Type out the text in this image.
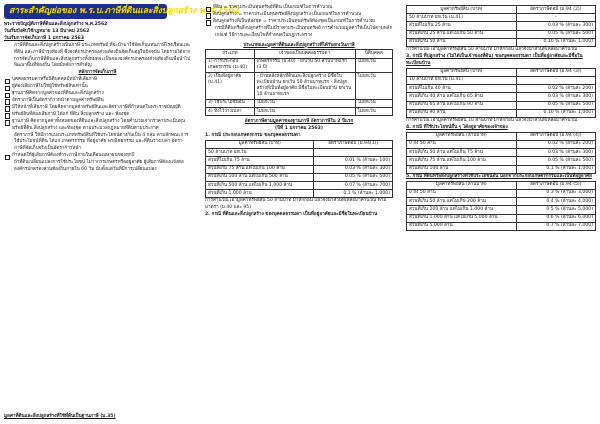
สาระสำคัญย่อของ พ.ร.บ.ภาษีที่ดินและสิ่งปลูกสร้าง พ.ศ.2562

พระราชบัญญัติภาษีที่ดินและสิ่งปลูกสร้าง พ.ศ.2562

วันเริ่มบังคับใช้กฎหมาย 13 มีนาคม 2562

วันเริ่มการจัดเก็บภาษี 1 มกราคม 2563

ภาษีที่ดินและสิ่งปลูกสร้างเป็นภาษี ประเภททรัพย์ ที่จะนำมาใช้จัดเก็บแทนภาษีโรงเรือนและที่ดิน และภาษีบำรุงท้องที่ ซึ่งองค์กรปกครองส่วนท้องถิ่นจัดเก็บอยู่ในปัจจุบัน โดยรายได้จากการจัดเก็บภาษีที่ดินและสิ่งปลูกสร้างทั้งหมดจะเป็นขององค์กรปกครองส่วนท้องถิ่นเพื่อนำไปพัฒนาพื้นที่ท้องถิ่น โดยมีหลักการสำคัญ

หลักการจัดเก็บภาษี

บุคคลธรรมดาหรือนิติบุคคลมีหน้าที่เสียภาษี
ผู้ต้องเสียภาษีไม่ใช่ผู้ใช้ทรัพย์สินเท่านั้น
ฐานภาษีคิดจากมูลค่าของที่ดินและสิ่งปลูกสร้าง
อัตราภาษีเป็นอัตราก้าวหน้าตามมูลค่าทรัพย์สิน
มีให้หน้าที่เสียภาษี โดยคิดจากมูลค่าทรัพย์สินและอัตราภาษีที่กำหนดในพระราชบัญญัติ
ทรัพย์สินที่ต้องเสียภาษี ได้แก่ ที่ดิน สิ่งปลูกสร้าง และ ห้องชุด
ฐานภาษี คิดจากมูลค่าทั้งหมดของที่ดินและสิ่งปลูกสร้าง โดยคำนวณจากราคาประเมินทุนทรัพย์ที่ดิน สิ่งปลูกสร้าง และห้องชุด ตามประมวลกฎหมายที่ดินตามประกาศ

อัตราภาษี ให้มีการแบ่งประเภททรัพย์สินที่ใช้ประโยชน์ต่างกันเป็น 4 กลุ่ม ตามลักษณะการใช้ประโยชน์ที่ดิน ได้แก่ เกษตรกรรม ที่อยู่อาศัย พาณิชยกรรม และที่ดินว่างเปล่า อัตราภาษีที่จัดเก็บจริงเป็นอัตราก้าวหน้า

กำหนดให้ผู้เสียภาษีต้องชำระภาษีภายในเดือนเมษายนของทุกปี

ถ้าที่ดินเปลี่ยนแปลงการใช้ประโยชน์ ไม่ว่าการเกษตรหรืออยู่อาศัย ผู้เสียภาษีต้องแจ้งต่อองค์กรปกครองส่วนท้องถิ่นภายใน 60 วัน นับตั้งแต่วันที่มีการเปลี่ยนแปลง

มูลค่าที่ดินและสิ่งปลูกสร้างที่ใช้ที่ดินเป็นฐานภาษี (ม.35)
ที่ดิน = ราคาประเมินทุนทรัพย์ที่ดิน เป็นเกณฑ์ในการคำนวณ
สิ่งปลูกสร้าง = ราคาประเมินทุนทรัพย์สิ่งปลูกสร้าง เป็นเกณฑ์ในการคำนวณ
สิ่งปลูกสร้างที่เป็นห้องชุด = ราคาประเมินทุนทรัพย์ห้องชุดเป็นเกณฑ์ในการคำนวณ

กรณีที่ดินหรือสิ่งปลูกสร้างที่ไม่มีราคาประเมินทุนทรัพย์ การคำนวณมูลค่าให้เป็นไปตามหลักเกณฑ์ วิธีการและเงื่อนไขที่กำหนดในกฎกระทรวง

ประเภทและมูลค่าที่ดินและสิ่งปลูกสร้างที่ได้รับยกเว้นภาษี

ประเภท	เจ้าของเป็นบุคคลธรรมดา	นิติบุคคล
1) การประกอบเกษตรกรรม (ม.40)	เกษตรกรรม (ม.40) - ยกเว้น 50 ล้านบาทแรก (3 ปี)	ไม่ยกเว้น
2) เป็นที่อยู่อาศัย (ม.41)	- บ้านหลังหลักที่ดินและสิ่งปลูกสร้าง มีชื่อในทะเบียนบ้าน ยกเว้น 50 ล้านบาทแรก - สิ่งปลูกสร้างที่เป็นที่อยู่อาศัย มีชื่อในทะเบียนบ้าน ยกเว้น 10 ล้านบาทแรก	ไม่ยกเว้น
3) ใช้ประโยชน์อื่น	ไม่ยกเว้น	ไม่ยกเว้น
4) ทิ้งไว้ว่างเปล่า	ไม่ยกเว้น	ไม่ยกเว้น

อัตราภาษีตามมูลค่าของฐานภาษี อัตราภาษีใน 2 ปีแรก

(ปีที่ 1 มกราคม 2563)

1. กรณี ประกอบเกษตรกรรม ของบุคคลธรรมดา

มูลค่าทรัพย์สิน (บาท)	อัตราภาษีต่อปี (ม.94(1))
50 ล้านบาท ยกเว้น	
ส่วนที่ไม่เกิน 75 ล้าน	0.01 % (ล้านละ 100)
ส่วนที่เกิน 75 ล้าน แต่ไม่เกิน 100 ล้าน	0.03 % (ล้านละ 300)
ส่วนที่เกิน 100 ล้าน แต่ไม่เกิน 500 ล้าน	0.05 % (ล้านละ 500)
ส่วนที่เกิน 500 ล้าน แต่ไม่เกิน 1,000 ล้าน	0.07 % (ล้านละ 700)
ส่วนที่เกิน 1,000 ล้าน	0.1 % (ล้านละ 1,000)

การคำนวณ เอามูลค่าทรัพย์สิน 50 ล้านบาท มาหักก่อน แล้วจึงนำส่วนที่เหลือมาคำนวณ ตามมาตรา (ม.40 และ 95)

2. กรณี ที่ดินและสิ่งปลูกสร้าง ของบุคคลธรรมดา เป็นที่อยู่อาศัยและมีชื่อในทะเบียนบ้าน

มูลค่าทรัพย์สิน (บาท)	อัตราภาษีต่อปี (ม.94 (2))
50 ล้านบาท ยกเว้น (ม.41)	-
ส่วนที่ไม่เกิน 25 ล้าน	0.03 % (ล้านละ 300)
ส่วนที่เกิน 25 ล้าน แต่ไม่เกิน 50 ล้าน	0.05 % (ล้านละ 500)
ส่วนที่เกิน 50 ล้าน	0.10 % (ล้านละ 1,000)

การคำนวณ เอามูลค่าทรัพย์สิน 50 ล้านบาท มาหักก่อน แล้วจึงนำส่วนที่เหลือมาคำนวณ

3. กรณี ที่ปลูกสร้าง (ไม่ได้เป็นเจ้าของที่ดิน) ของบุคคลธรรมดา เป็นที่อยู่อาศัยและมีชื่อในทะเบียนบ้าน

มูลค่าทรัพย์สิน (บาท)	อัตราภาษีต่อปี (ม.94 (3))
10 ล้านบาท ยกเว้น (ม.41)	-
ส่วนที่ไม่เกิน 40 ล้าน	0.02 % (ล้านละ 200)
ส่วนที่เกิน 40 ล้าน แต่ไม่เกิน 65 ล้าน	0.03 % (ล้านละ 300)
ส่วนที่เกิน 65 ล้าน แต่ไม่เกิน 90 ล้าน	0.05 % (ล้านละ 500)
ส่วนที่เกิน 90 ล้าน	0.10 % (ล้านละ 1,000)

การคำนวณ เอามูลค่าทรัพย์สิน 10 ล้านบาท มาหักก่อน แล้วจึงนำส่วนที่เหลือมาคำนวณ

4. กรณี ที่ใช้ประโยชน์อื่น ๆ ได้อยู่อาศัยของเจ้าของ

มูลค่าทรัพย์สิน (ล้านบาท)	อัตราภาษีต่อปี (ม.94 (4))
0 ถึง 50 ล้าน	0.02 % (ล้านละ 200)
ส่วนที่เกิน 50 ล้าน แต่ไม่เกิน 75 ล้าน	0.03 % (ล้านละ 300)
ส่วนที่เกิน 75 ล้าน แต่ไม่เกิน 100 ล้าน	0.05 % (ล้านละ 500)
ส่วนที่เกิน 100 ล้าน	0.1 % (ล้านละ 1,000)

5. กรณี ที่ดินหรือสิ่งปลูกสร้างที่ใช้ประโยชน์อื่น นอกจากประกอบเกษตรกรรมและเป็นที่อยู่อาศัย

มูลค่าทรัพย์สิน (ล้านบาท)	อัตราภาษีต่อปี (ม.94 (5))
0 ถึง 50 ล้าน	0.3 % (ล้านละ 3,000)
ส่วนที่เกิน 50 ล้าน แต่ไม่เกิน 200 ล้าน	0.4 % (ล้านละ 4,000)
ส่วนที่เกิน 200 ล้าน แต่ไม่เกิน 1,000 ล้าน	0.5 % (ล้านละ 5,000)
ส่วนที่เกิน 1,000 ล้าน แต่ไม่เกิน 5,000 ล้าน	0.6 % (ล้านละ 6,000)
ส่วนที่เกิน 5,000 ล้าน	0.7 % (ล้านละ 7,000)
